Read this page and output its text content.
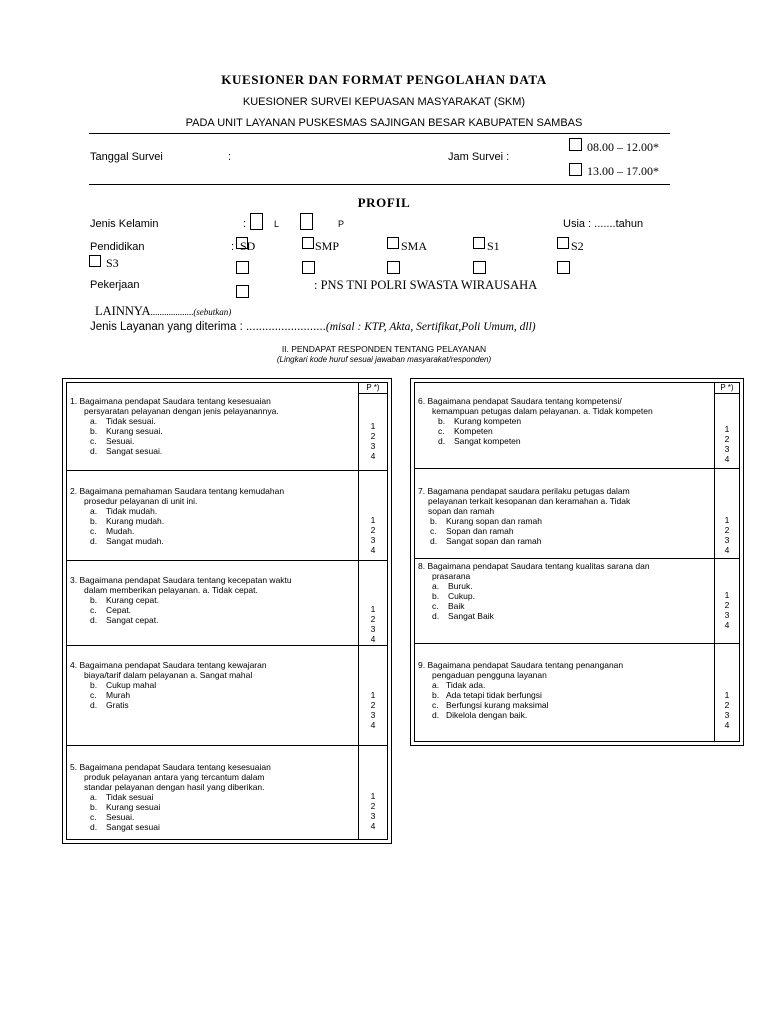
KUESIONER DAN FORMAT PENGOLAHAN DATA
KUESIONER SURVEI KEPUASAN MASYARAKAT (SKM)
PADA UNIT LAYANAN PUSKESMAS SAJINGAN BESAR KABUPATEN SAMBAS
Tanggal Survei	:	Jam Survei :
08.00 – 12.00*
13.00 – 17.00*
PROFIL
Jenis Kelamin	:	L	P	Usia : .......tahun
Pendidikan	: SD	SMP	SMA	S1	S2
S3
Pekerjaan	: PNS TNI POLRI SWASTA WIRAUSAHA
LAINNYA...................(sebutkan)
Jenis Layanan yang diterima : .........................(misal : KTP, Akta, Sertifikat,Poli Umum, dll)
II. PENDAPAT RESPONDEN TENTANG PELAYANAN
(Lingkari kode huruf sesuai jawaban masyarakat/responden)
P *)	P *)
1. Bagaimana pendapat Saudara tentang kesesuaian
persyaratan pelayanan dengan jenis pelayanannya.
a.	Tidak sesuai.
b.	Kurang sesuai.
c.	Sesuai.
d.	Sangat sesuai.
1
2
3
4
2. Bagaimana pemahaman Saudara tentang kemudahan
prosedur pelayanan di unit ini.
a.	Tidak mudah.
b.	Kurang mudah.
c.	Mudah.
d.	Sangat mudah.
1
2
3
4
3. Bagaimana pendapat Saudara tentang kecepatan waktu
dalam memberikan pelayanan. a. Tidak cepat.
b.	Kurang cepat.
c.	Cepat.
d.	Sangat cepat.
1
2
3
4
4. Bagaimana pendapat Saudara tentang kewajaran
biaya/tarif dalam pelayanan a. Sangat mahal
b.	Cukup mahal
c.	Murah
d.	Gratis
1
2
3
4
5. Bagaimana pendapat Saudara tentang kesesuaian
produk pelayanan antara yang tercantum dalam
standar pelayanan dengan hasil yang diberikan.
a.	Tidak sesuai
b.	Kurang sesuai
c.	Sesuai.
d.	Sangat sesuai
1
2
3
4
6. Bagaimana pendapat Saudara tentang kompetensi/
kemampuan petugas dalam pelayanan. a. Tidak kompeten
b.	Kurang kompeten
c.	Kompeten
d.	Sangat kompeten
1
2
3
4
7. Bagamana pendapat saudara perilaku petugas dalam
pelayanan terkait kesopanan dan keramahan a. Tidak
sopan dan ramah
b.	Kurang sopan dan ramah
c.	Sopan dan ramah
d.	Sangat sopan dan ramah
1
2
3
4
8. Bagaimana pendapat Saudara tentang kualitas sarana dan
prasarana
a.	Buruk.
b.	Cukup.
c.	Baik
d.	Sangat Baik
1
2
3
4
9. Bagaimana pendapat Saudara tentang penanganan
pengaduan pengguna layanan
a. Tidak ada.
b. Ada tetapi tidak berfungsi
c. Berfungsi kurang maksimal
d. Dikelola dengan baik.
1
2
3
4
